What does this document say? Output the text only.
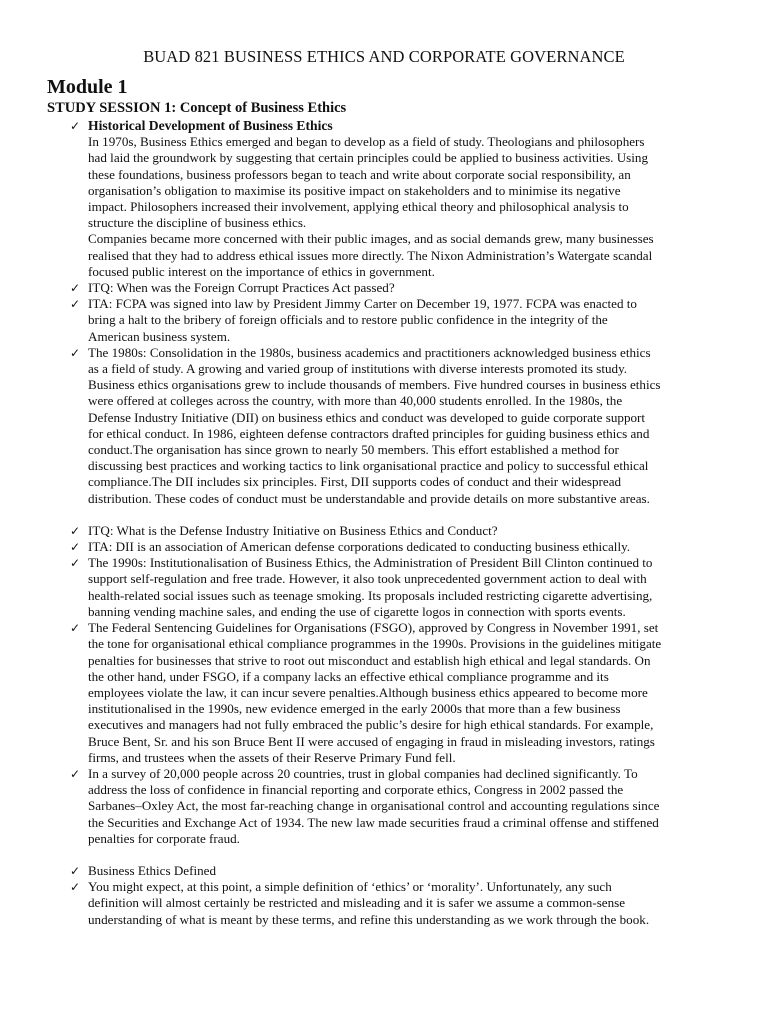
BUAD 821 BUSINESS ETHICS AND CORPORATE GOVERNANCE
Module 1
STUDY SESSION 1: Concept of Business Ethics
✓ Historical Development of Business Ethics
In 1970s, Business Ethics emerged and began to develop as a field of study. Theologians and philosophers
had laid the groundwork by suggesting that certain principles could be applied to business activities. Using
these foundations, business professors began to teach and write about corporate social responsibility, an
organisation’s obligation to maximise its positive impact on stakeholders and to minimise its negative
impact. Philosophers increased their involvement, applying ethical theory and philosophical analysis to
structure the discipline of business ethics.
Companies became more concerned with their public images, and as social demands grew, many businesses
realised that they had to address ethical issues more directly. The Nixon Administration’s Watergate scandal
focused public interest on the importance of ethics in government.
✓ ITQ: When was the Foreign Corrupt Practices Act passed?
✓ ITA: FCPA was signed into law by President Jimmy Carter on December 19, 1977. FCPA was enacted to
bring a halt to the bribery of foreign officials and to restore public confidence in the integrity of the
American business system.
✓ The 1980s: Consolidation in the 1980s, business academics and practitioners acknowledged business ethics
as a field of study. A growing and varied group of institutions with diverse interests promoted its study.
Business ethics organisations grew to include thousands of members. Five hundred courses in business ethics
were offered at colleges across the country, with more than 40,000 students enrolled. In the 1980s, the
Defense Industry Initiative (DII) on business ethics and conduct was developed to guide corporate support
for ethical conduct. In 1986, eighteen defense contractors drafted principles for guiding business ethics and
conduct.The organisation has since grown to nearly 50 members. This effort established a method for
discussing best practices and working tactics to link organisational practice and policy to successful ethical
compliance.The DII includes six principles. First, DII supports codes of conduct and their widespread
distribution. These codes of conduct must be understandable and provide details on more substantive areas.
✓ ITQ: What is the Defense Industry Initiative on Business Ethics and Conduct?
✓ ITA: DII is an association of American defense corporations dedicated to conducting business ethically.
✓ The 1990s: Institutionalisation of Business Ethics, the Administration of President Bill Clinton continued to
support self-regulation and free trade. However, it also took unprecedented government action to deal with
health-related social issues such as teenage smoking. Its proposals included restricting cigarette advertising,
banning vending machine sales, and ending the use of cigarette logos in connection with sports events.
✓ The Federal Sentencing Guidelines for Organisations (FSGO), approved by Congress in November 1991, set
the tone for organisational ethical compliance programmes in the 1990s. Provisions in the guidelines mitigate
penalties for businesses that strive to root out misconduct and establish high ethical and legal standards. On
the other hand, under FSGO, if a company lacks an effective ethical compliance programme and its
employees violate the law, it can incur severe penalties.Although business ethics appeared to become more
institutionalised in the 1990s, new evidence emerged in the early 2000s that more than a few business
executives and managers had not fully embraced the public’s desire for high ethical standards. For example,
Bruce Bent, Sr. and his son Bruce Bent II were accused of engaging in fraud in misleading investors, ratings
firms, and trustees when the assets of their Reserve Primary Fund fell.
✓ In a survey of 20,000 people across 20 countries, trust in global companies had declined significantly. To
address the loss of confidence in financial reporting and corporate ethics, Congress in 2002 passed the
Sarbanes–Oxley Act, the most far-reaching change in organisational control and accounting regulations since
the Securities and Exchange Act of 1934. The new law made securities fraud a criminal offense and stiffened
penalties for corporate fraud.
✓ Business Ethics Defined
✓ You might expect, at this point, a simple definition of ‘ethics’ or ‘morality’. Unfortunately, any such
definition will almost certainly be restricted and misleading and it is safer we assume a common-sense
understanding of what is meant by these terms, and refine this understanding as we work through the book.
